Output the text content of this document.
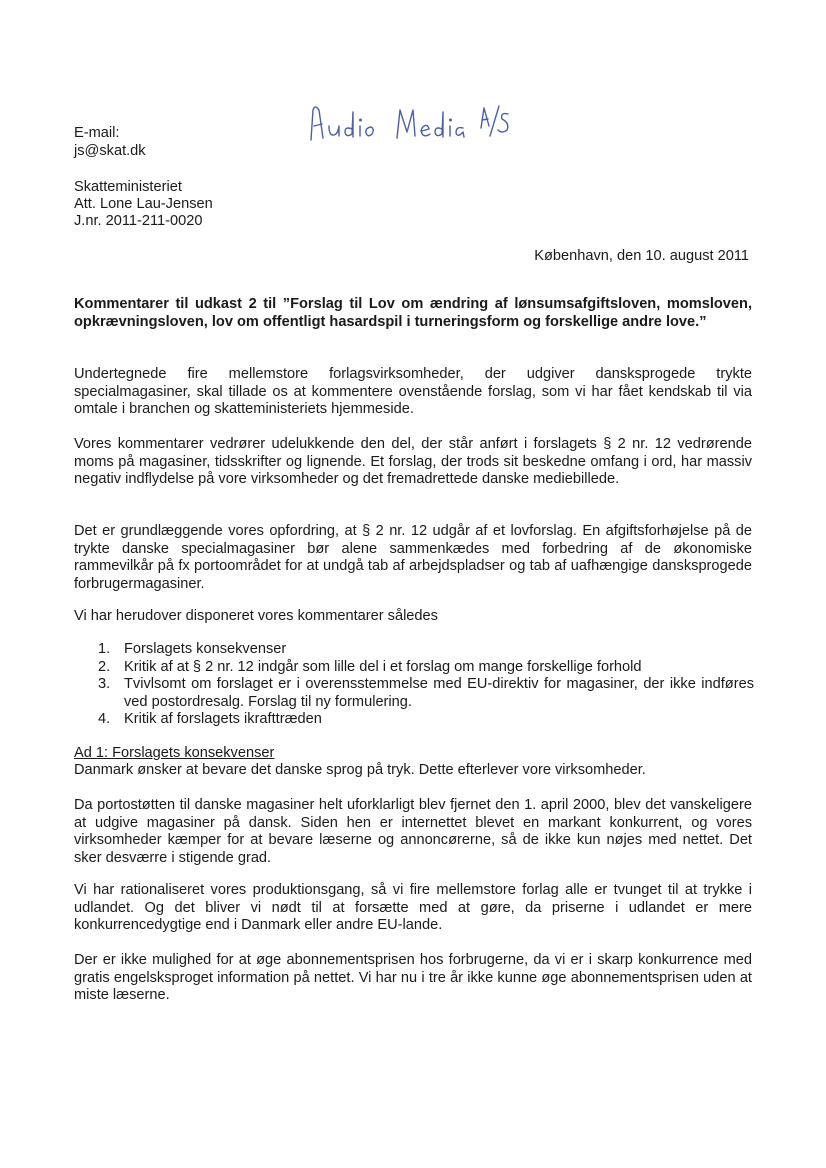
E-mail:
js@skat.dk
Skatteministeriet
Att. Lone Lau-Jensen
J.nr. 2011-211-0020
København, den 10. august 2011
Kommentarer til udkast 2 til ”Forslag til Lov om ændring af lønsumsafgiftsloven, momsloven, opkrævningsloven, lov om offentligt hasardspil i turneringsform og forskellige andre love.”

Undertegnede fire mellemstore forlagsvirksomheder, der udgiver dansksprogede trykte specialmagasiner, skal tillade os at kommentere ovenstående forslag, som vi har fået kendskab til via omtale i branchen og skatteministeriets hjemmeside.

Vores kommentarer vedrører udelukkende den del, der står anført i forslagets § 2 nr. 12 vedrørende moms på magasiner, tidsskrifter og lignende. Et forslag, der trods sit beskedne omfang i ord, har massiv negativ indflydelse på vore virksomheder og det fremadrettede danske mediebillede.

Det er grundlæggende vores opfordring, at § 2 nr. 12 udgår af et lovforslag. En afgiftsforhøjelse på de trykte danske specialmagasiner bør alene sammenkædes med forbedring af de økonomiske rammevilkår på fx portoområdet for at undgå tab af arbejdspladser og tab af uafhængige dansksprogede forbrugermagasiner.

Vi har herudover disponeret vores kommentarer således

1. Forslagets konsekvenser
2. Kritik af at § 2 nr. 12 indgår som lille del i et forslag om mange forskellige forhold
3. Tvivlsomt om forslaget er i overensstemmelse med EU-direktiv for magasiner, der ikke indføres ved postordresalg. Forslag til ny formulering.
4. Kritik af forslagets ikrafttræden
Ad 1: Forslagets konsekvenser

Danmark ønsker at bevare det danske sprog på tryk. Dette efterlever vore virksomheder.

Da portostøtten til danske magasiner helt uforklarligt blev fjernet den 1. april 2000, blev det vanskeligere at udgive magasiner på dansk. Siden hen er internettet blevet en markant konkurrent, og vores virksomheder kæmper for at bevare læserne og annoncørerne, så de ikke kun nøjes med nettet. Det sker desværre i stigende grad.

Vi har rationaliseret vores produktionsgang, så vi fire mellemstore forlag alle er tvunget til at trykke i udlandet. Og det bliver vi nødt til at forsætte med at gøre, da priserne i udlandet er mere konkurrencedygtige end i Danmark eller andre EU-lande.

Der er ikke mulighed for at øge abonnementsprisen hos forbrugerne, da vi er i skarp konkurrence med gratis engelsksproget information på nettet. Vi har nu i tre år ikke kunne øge abonnementsprisen uden at miste læserne.
